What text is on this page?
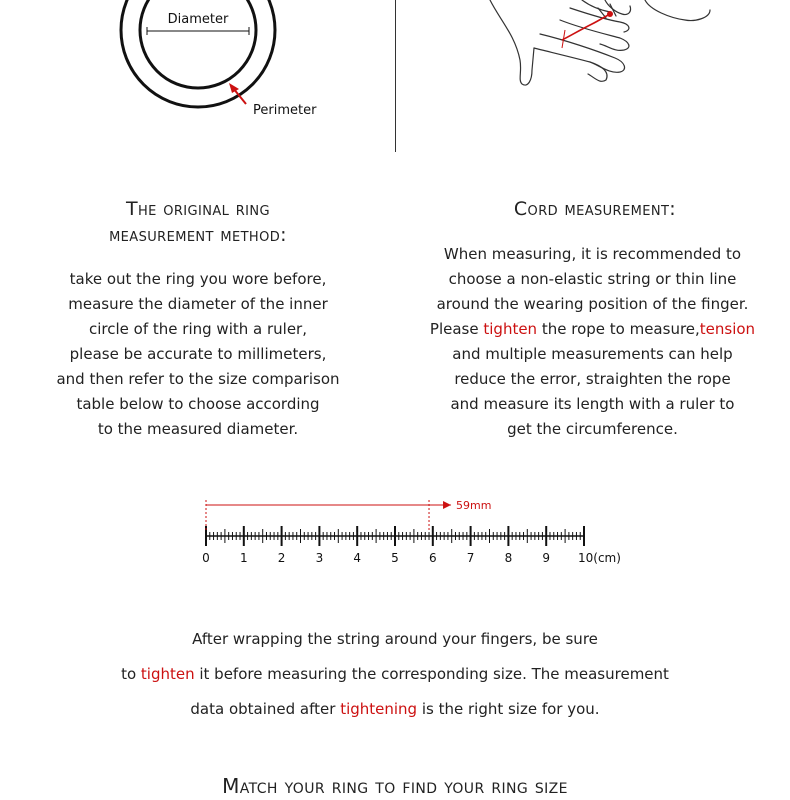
Diameter
Perimeter
The original ring
measurement method:
Cord measurement:
take out the ring you wore before,
measure the diameter of the inner
circle of the ring with a ruler,
please be accurate to millimeters,
and then refer to the size comparison
table below to choose according
to the measured diameter.
When measuring, it is recommended to
choose a non-elastic string or thin line
around the wearing position of the finger.
Please tighten the rope to measure,tension
and multiple measurements can help
reduce the error, straighten the rope
and measure its length with a ruler to
get the circumference.
59mm
0	1	2	3	4	5	6	7	8	9 10(cm)
After wrapping the string around your fingers, be sure
to tighten it before measuring the corresponding size. The measurement
data obtained after tightening is the right size for you.
Match your ring to find your ring size
